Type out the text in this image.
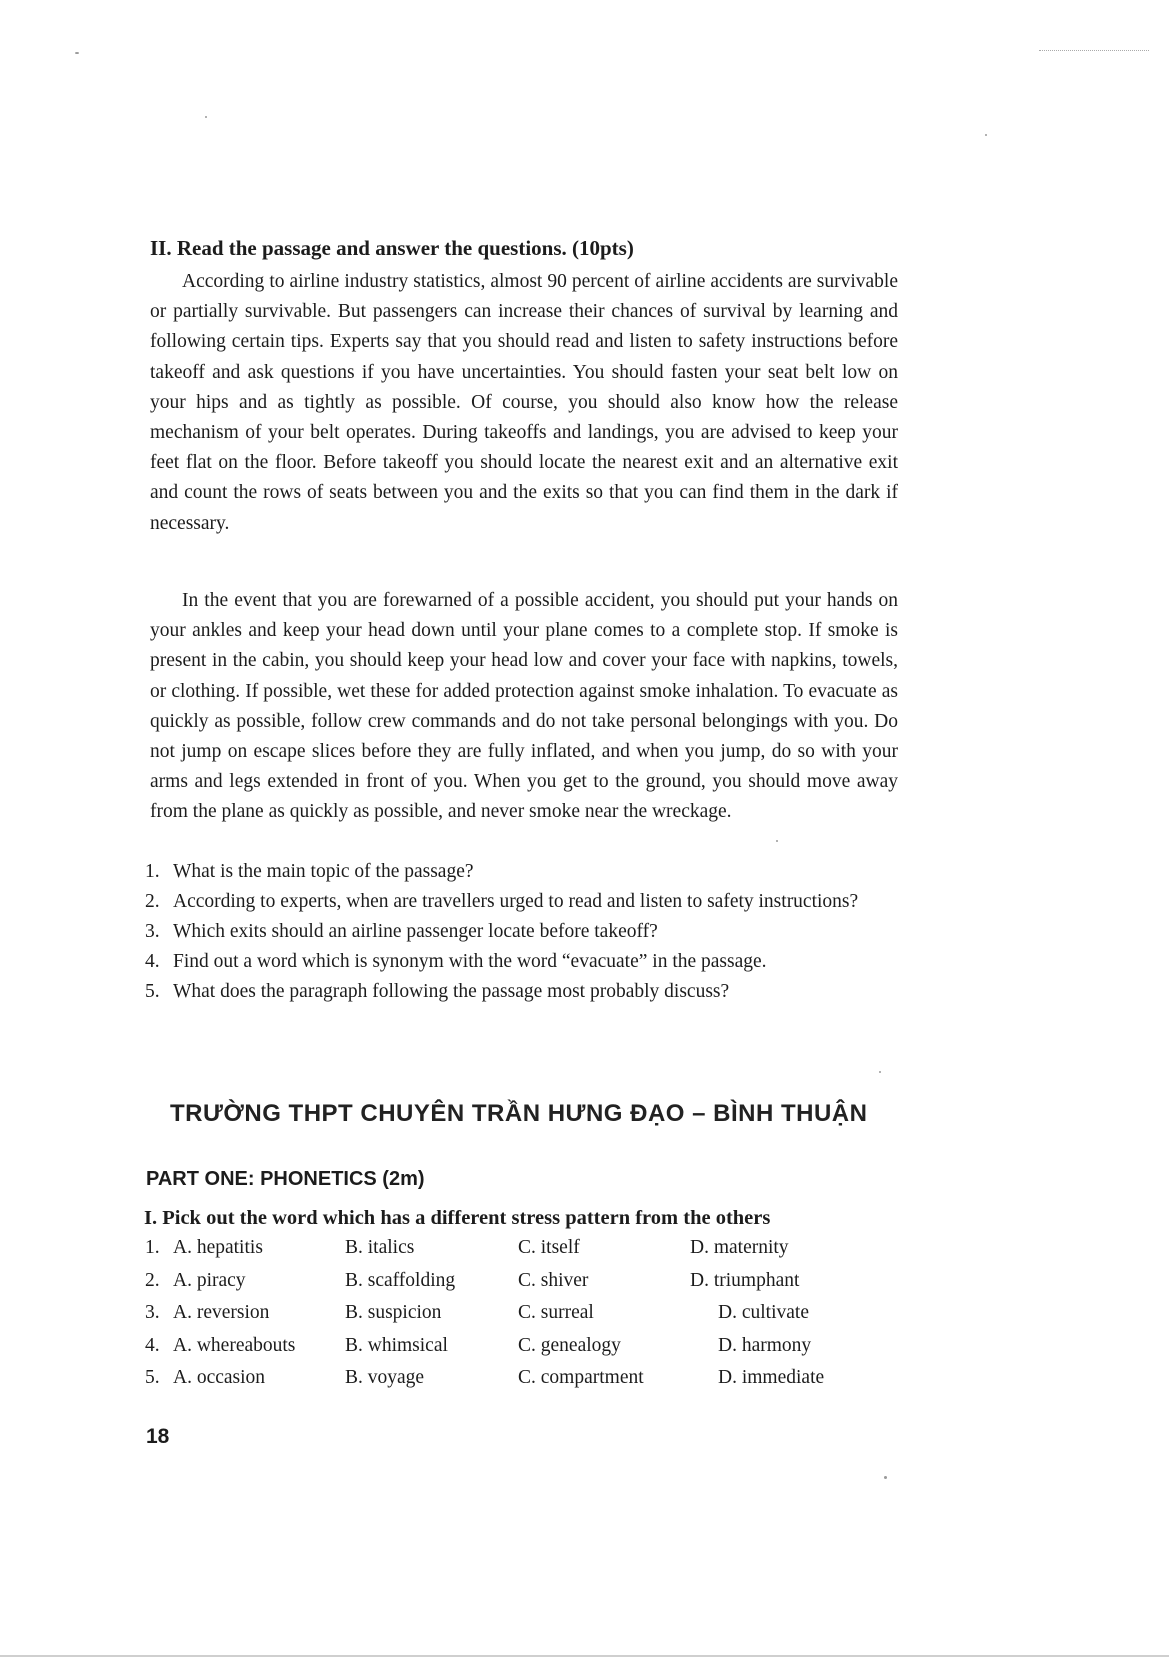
II. Read the passage and answer the questions. (10pts)

According to airline industry statistics, almost 90 percent of airline accidents are survivable or partially survivable. But passengers can increase their chances of survival by learning and following certain tips. Experts say that you should read and listen to safety instructions before takeoff and ask questions if you have uncertainties. You should fasten your seat belt low on your hips and as tightly as possible. Of course, you should also know how the release mechanism of your belt operates. During takeoffs and landings, you are advised to keep your feet flat on the floor. Before takeoff you should locate the nearest exit and an alternative exit and count the rows of seats between you and the exits so that you can find them in the dark if necessary.

In the event that you are forewarned of a possible accident, you should put your hands on your ankles and keep your head down until your plane comes to a complete stop. If smoke is present in the cabin, you should keep your head low and cover your face with napkins, towels, or clothing. If possible, wet these for added protection against smoke inhalation. To evacuate as quickly as possible, follow crew commands and do not take personal belongings with you. Do not jump on escape slices before they are fully inflated, and when you jump, do so with your arms and legs extended in front of you. When you get to the ground, you should move away from the plane as quickly as possible, and never smoke near the wreckage.

1. What is the main topic of the passage?
2. According to experts, when are travellers urged to read and listen to safety instructions?
3. Which exits should an airline passenger locate before takeoff?
4. Find out a word which is synonym with the word “evacuate” in the passage.
5. What does the paragraph following the passage most probably discuss?
TRƯỜNG THPT CHUYÊN TRẦN HƯNG ĐẠO – BÌNH THUẬN
PART ONE: PHONETICS (2m)
I. Pick out the word which has a different stress pattern from the others
1. A. hepatitis	B. italics	C. itself	D. maternity
2. A. piracy	B. scaffolding	C. shiver	D. triumphant
3. A. reversion	B. suspicion	C. surreal	D. cultivate
4. A. whereabouts	B. whimsical	C. genealogy	D. harmony
5. A. occasion	B. voyage	C. compartment	D. immediate
18
